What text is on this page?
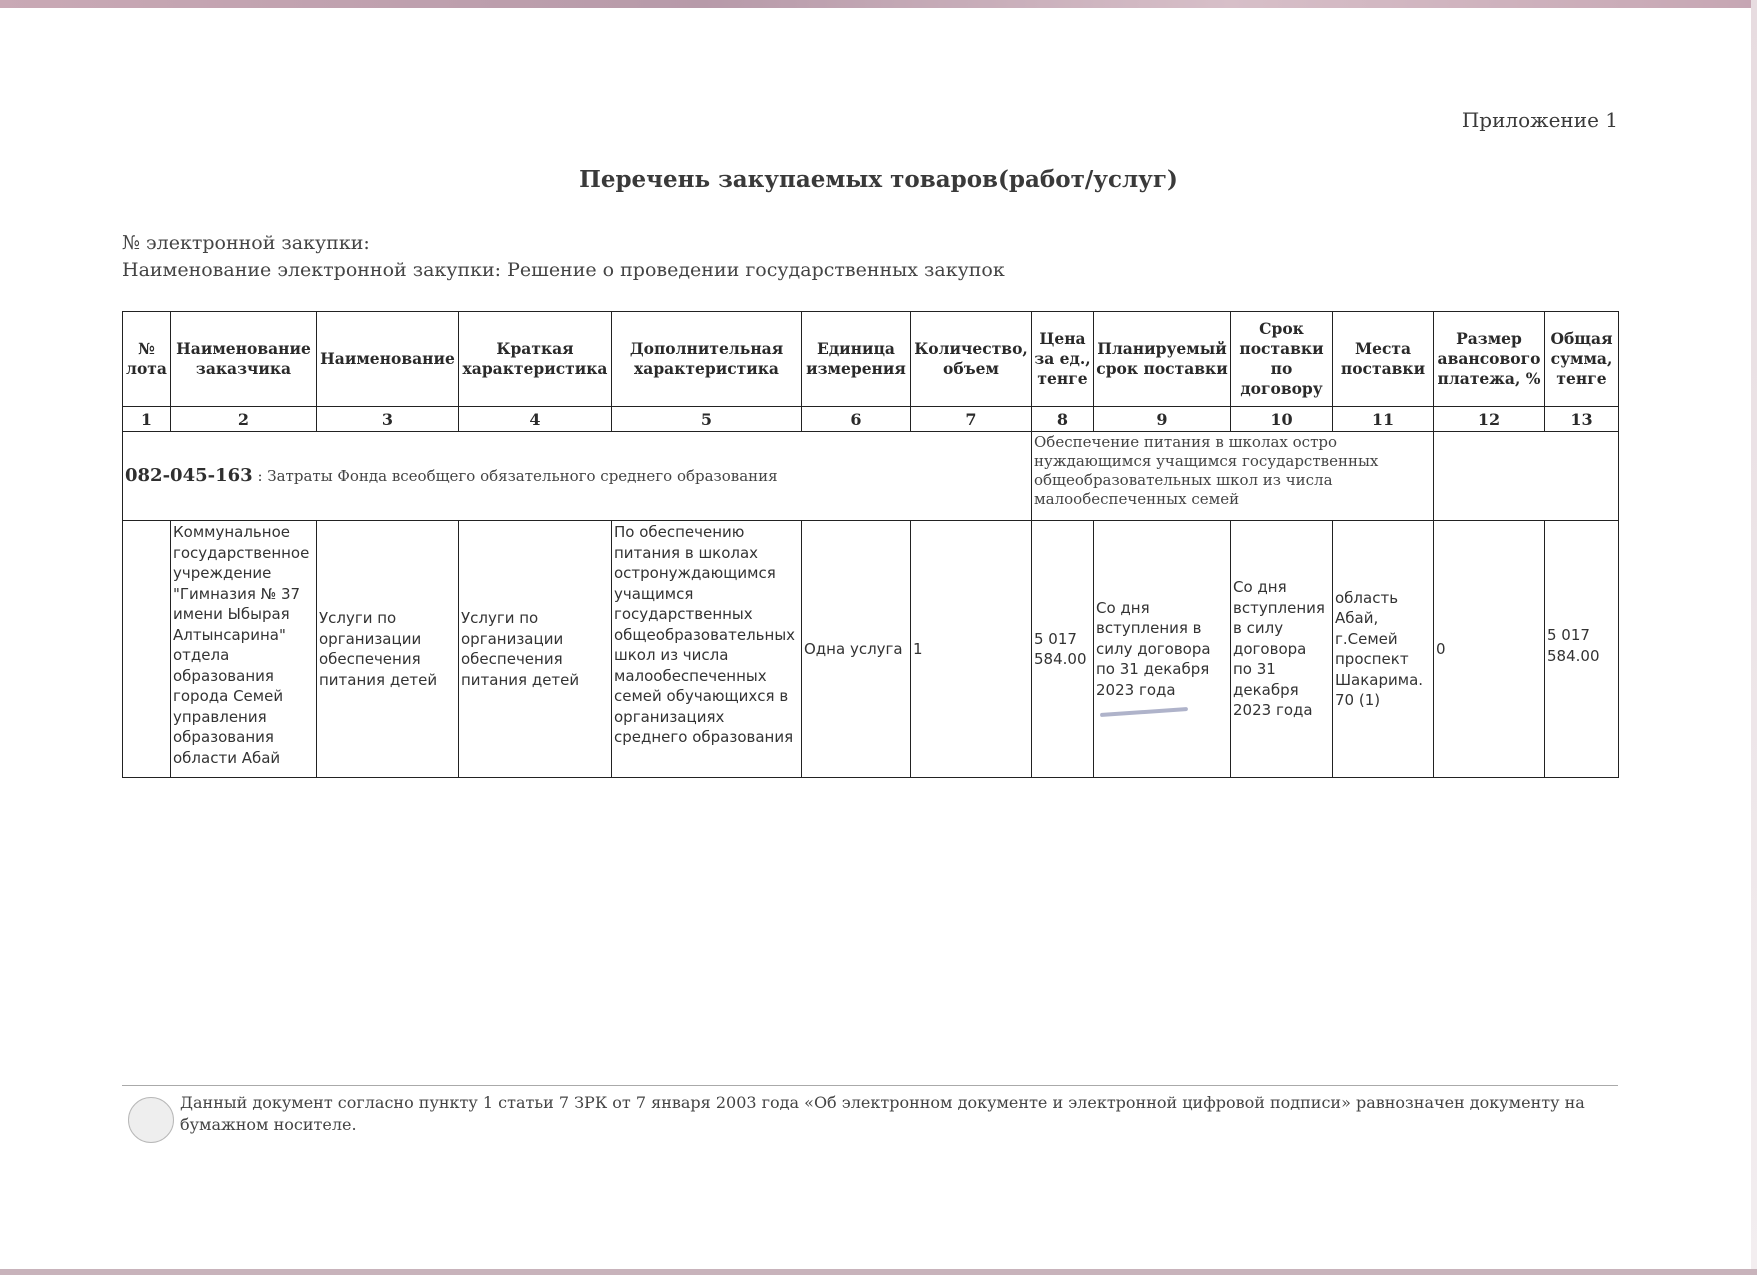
Приложение 1
Перечень закупаемых товаров(работ/услуг)
№ электронной закупки:
Наименование электронной закупки: Решение о проведении государственных закупок
№ лота	Наименование заказчика	Наименование	Краткая характеристика	Дополнительная характеристика	Единица измерения	Количество, объем	Цена за ед., тенге	Планируемый срок поставки	Срок поставки по договору	Места поставки	Размер авансового платежа, %	Общая сумма, тенге
1	2	3	4	5	6	7	8	9	10	11	12	13
082-045-163 : Затраты Фонда всеобщего обязательного среднего образования							Обеспечение питания в школах остро нуждающимся учащимся государственных общеобразовательных школ из числа малообеспеченных семей					
	Коммунальное государственное учреждение "Гимназия № 37 имени Ыбырая Алтынсарина" отдела образования города Семей управления образования области Абай	Услуги по организации обеспечения питания детей	Услуги по организации обеспечения питания детей	По обеспечению питания в школах остронуждающимся учащимся государственных общеобразовательных школ из числа малообеспеченных семей обучающихся в организациях среднего образования	Одна услуга	1	5 017 584.00	Со дня вступления в силу договора по 31 декабря 2023 года	Со дня вступления в силу договора по 31 декабря 2023 года	область Абай, г.Семей проспект Шакарима. 70 (1)	0	5 017 584.00
Данный документ согласно пункту 1 статьи 7 ЗРК от 7 января 2003 года «Об электронном документе и электронной цифровой подписи» равнозначен документу на бумажном носителе.
